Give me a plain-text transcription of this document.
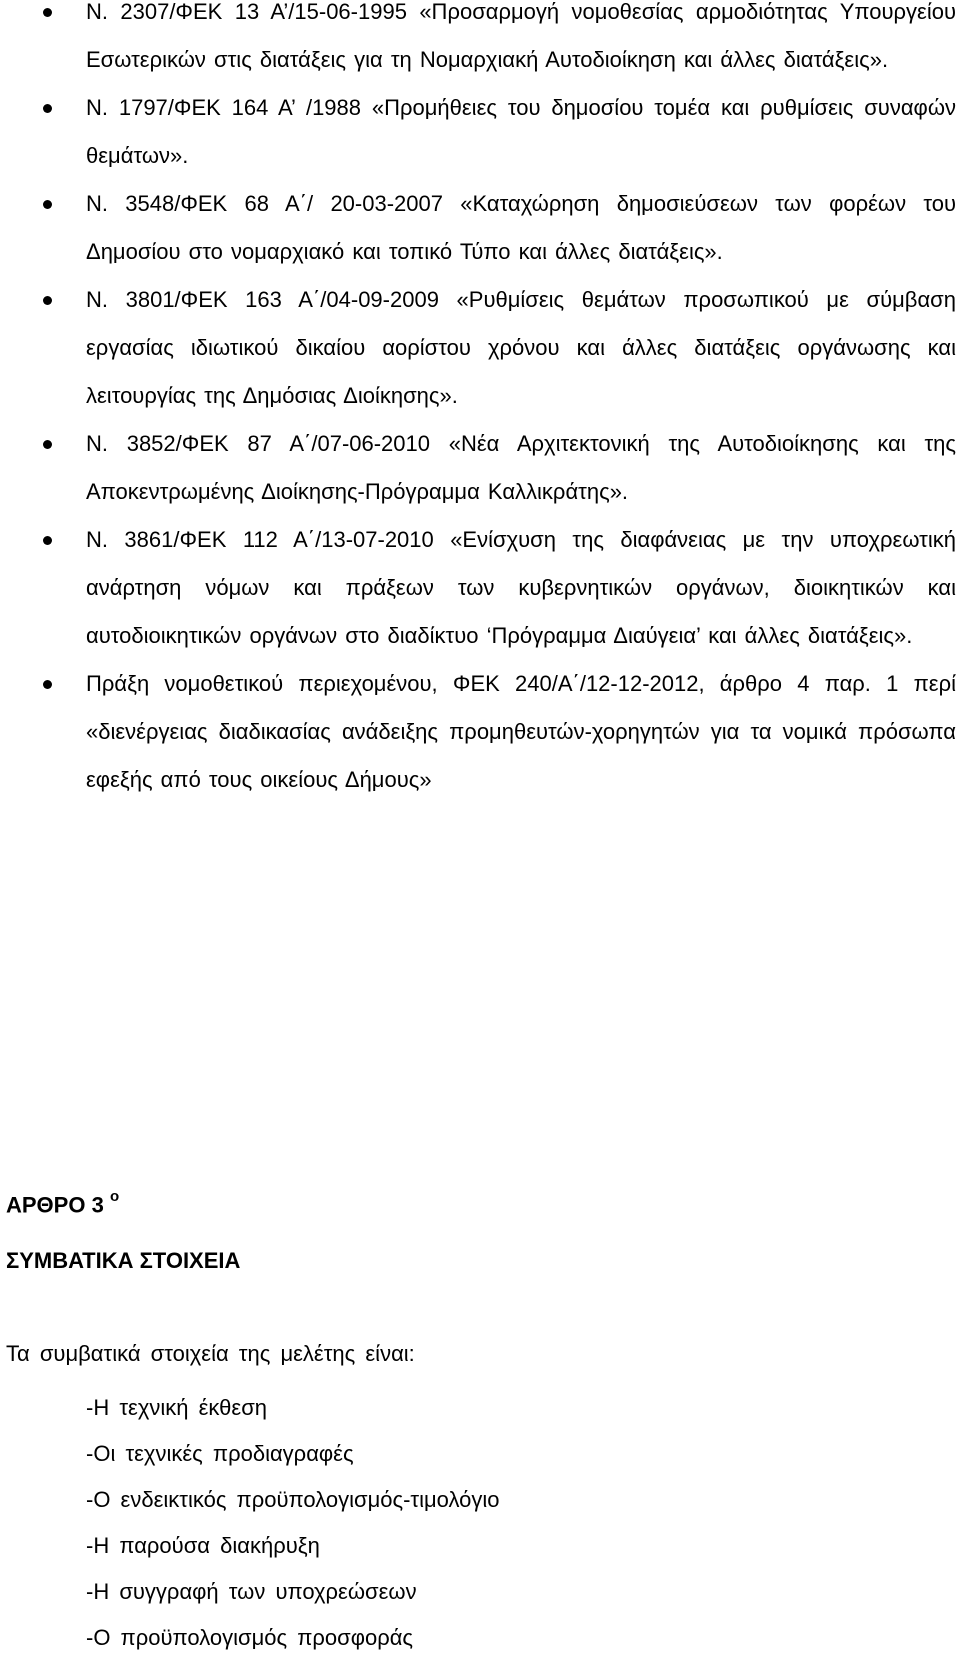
Ν. 2307/ΦΕΚ 13 Α’/15-06-1995 «Προσαρμογή νομοθεσίας αρμοδιότητας Υπουργείου Εσωτερικών στις διατάξεις για τη Νομαρχιακή Αυτοδιοίκηση και άλλες διατάξεις».
Ν. 1797/ΦΕΚ 164 Α’ /1988 «Προμήθειες του δημοσίου τομέα και ρυθμίσεις συναφών θεμάτων».
Ν. 3548/ΦΕΚ 68 Α΄/ 20-03-2007 «Καταχώρηση δημοσιεύσεων των φορέων του Δημοσίου στο νομαρχιακό και τοπικό Τύπο και άλλες διατάξεις».
Ν. 3801/ΦΕΚ 163 Α΄/04-09-2009 «Ρυθμίσεις θεμάτων προσωπικού με σύμβαση εργασίας ιδιωτικού δικαίου αορίστου χρόνου και άλλες διατάξεις οργάνωσης και λειτουργίας της Δημόσιας Διοίκησης».
Ν. 3852/ΦΕΚ 87 Α΄/07-06-2010 «Νέα Αρχιτεκτονική της Αυτοδιοίκησης και της Αποκεντρωμένης Διοίκησης-Πρόγραμμα Καλλικράτης».
Ν. 3861/ΦΕΚ 112 Α΄/13-07-2010 «Ενίσχυση της διαφάνειας με την υποχρεωτική ανάρτηση νόμων και πράξεων των κυβερνητικών οργάνων, διοικητικών και αυτοδιοικητικών οργάνων στο διαδίκτυο ‘Πρόγραμμα Διαύγεια’ και άλλες διατάξεις».
Πράξη νομοθετικού περιεχομένου, ΦΕΚ 240/Α΄/12-12-2012, άρθρο 4 παρ. 1 περί «διενέργειας διαδικασίας ανάδειξης προμηθευτών-χορηγητών για τα νομικά πρόσωπα εφεξής από τους οικείους Δήμους»
ΑΡΘΡΟ 3 $^o$
ΣΥΜΒΑΤΙΚΑ ΣΤΟΙΧΕΙΑ

Τα συμβατικά στοιχεία της μελέτης είναι:

-Η τεχνική έκθεση
-Οι τεχνικές προδιαγραφές
-Ο ενδεικτικός προϋπολογισμός-τιμολόγιο
-Η παρούσα διακήρυξη
-Η συγγραφή των υποχρεώσεων
-Ο προϋπολογισμός προσφοράς
